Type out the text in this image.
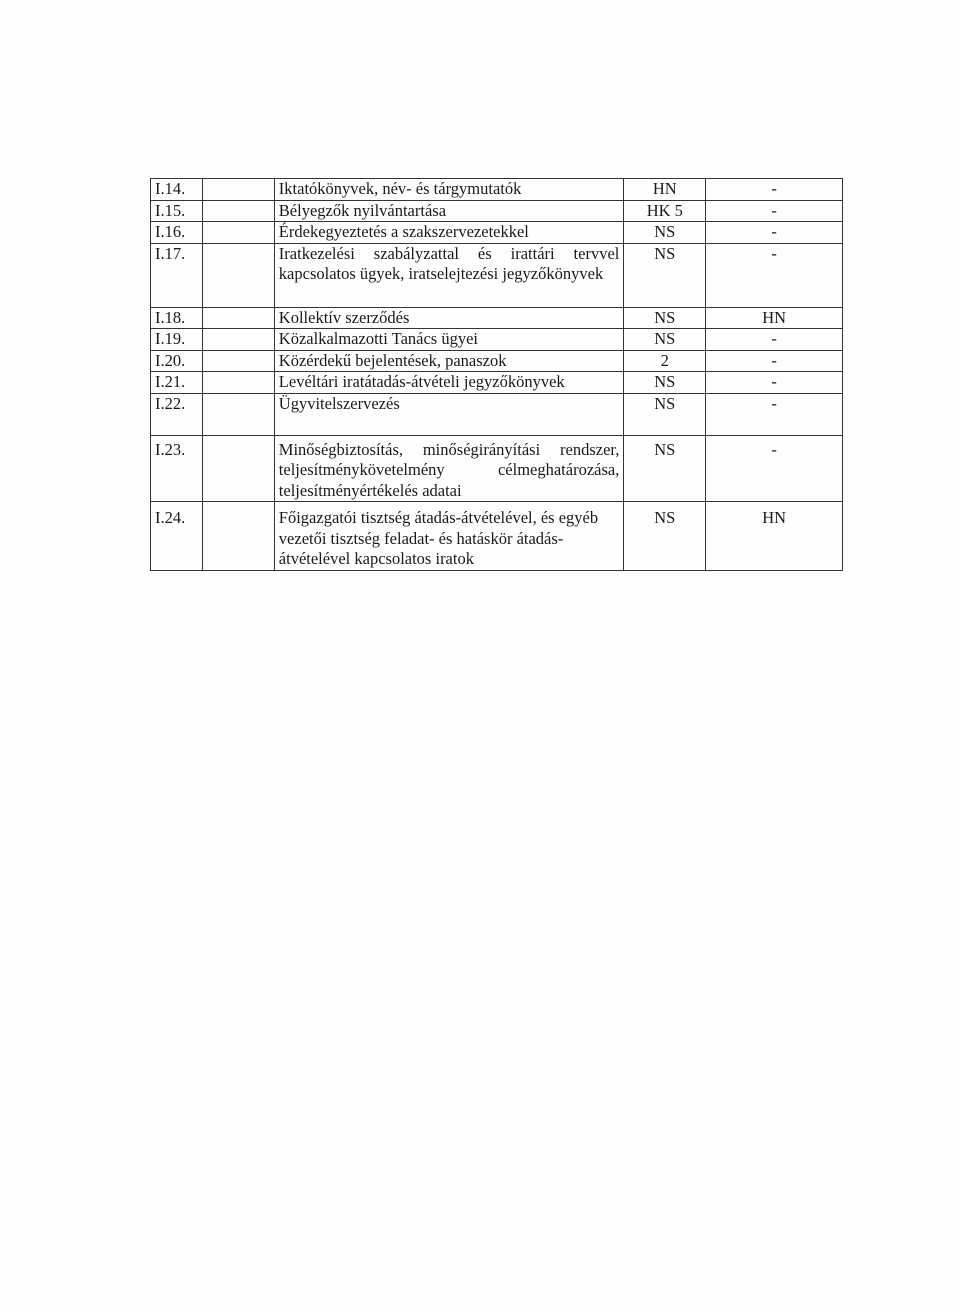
I.14.		Iktatókönyvek, név- és tárgymutatók	HN	-
I.15.		Bélyegzők nyilvántartása	HK 5	-
I.16.		Érdekegyeztetés a szakszervezetekkel	NS	-
I.17.		Iratkezelési szabályzattal és irattári tervvel kapcsolatos ügyek, iratselejtezési jegyzőkönyvek	NS	-
I.18.		Kollektív szerződés	NS	HN
I.19.		Közalkalmazotti Tanács ügyei	NS	-
I.20.		Közérdekű bejelentések, panaszok	2	-
I.21.		Levéltári iratátadás-átvételi jegyzőkönyvek	NS	-
I.22.		Ügyvitelszervezés	NS	-
I.23.		Minőségbiztosítás, minőségirányítási rendszer, teljesítménykövetelmény célmeghatározása, teljesítményértékelés adatai	NS	-
I.24.		Főigazgatói tisztség átadás-átvételével, és egyéb vezetői tisztség feladat- és hatáskör átadás-átvételével kapcsolatos iratok	NS	HN
